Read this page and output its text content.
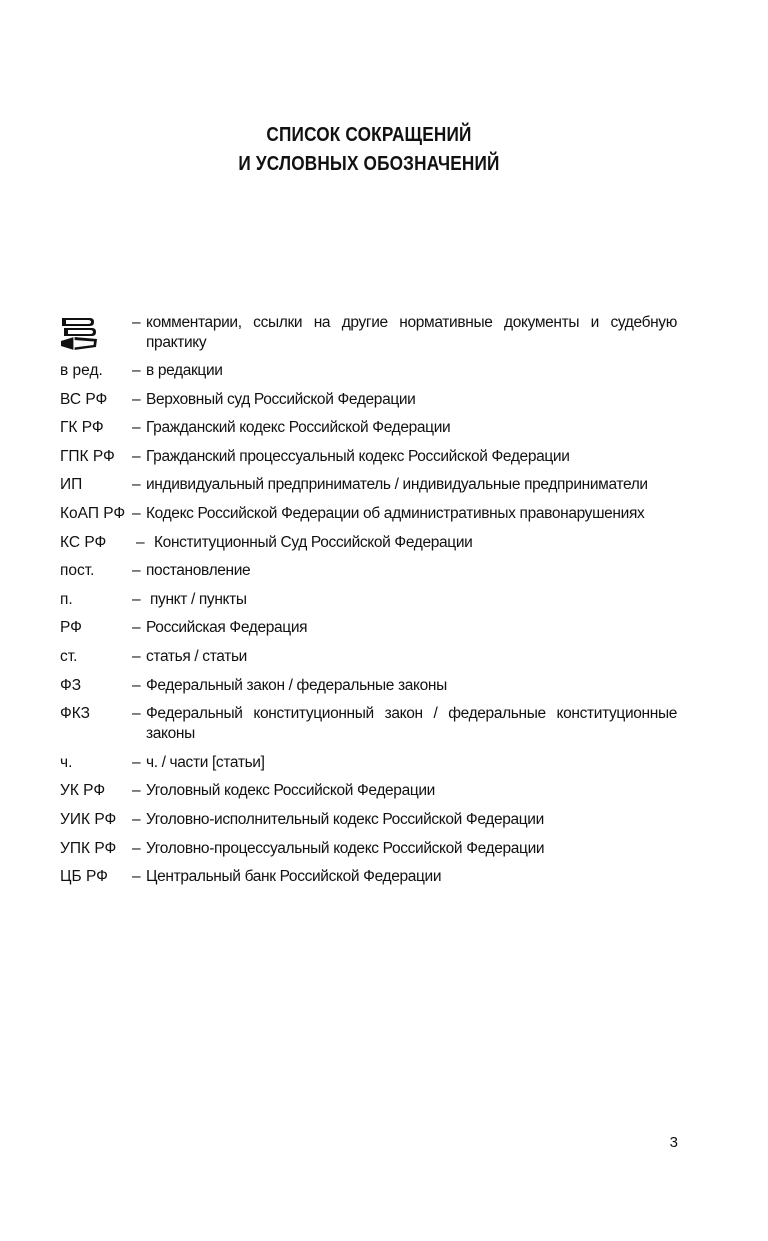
СПИСОК СОКРАЩЕНИЙ
И УСЛОВНЫХ ОБОЗНАЧЕНИЙ
– комментарии, ссылки на другие нормативные документы и судебную практику
в ред.	– в редакции
ВС РФ	– Верховный суд Российской Федерации
ГК РФ	– Гражданский кодекс Российской Федерации
ГПК РФ	– Гражданский процессуальный кодекс Российской Федерации
ИП	– индивидуальный предприниматель / индивидуальные предприниматели
КоАП РФ – Кодекс Российской Федерации об административных правонарушениях
КС РФ	– Конституционный Суд Российской Федерации
пост.	– постановление
п.	– пункт / пункты
РФ	– Российская Федерация
ст.	– статья / статьи
ФЗ	– Федеральный закон / федеральные законы
ФКЗ	– Федеральный конституционный закон / федеральные конституционные законы
ч.	– ч. / части [статьи]
УК РФ	– Уголовный кодекс Российской Федерации
УИК РФ	– Уголовно-исполнительный кодекс Российской Федерации
УПК РФ	– Уголовно-процессуальный кодекс Российской Федерации
ЦБ РФ	– Центральный банк Российской Федерации
3
